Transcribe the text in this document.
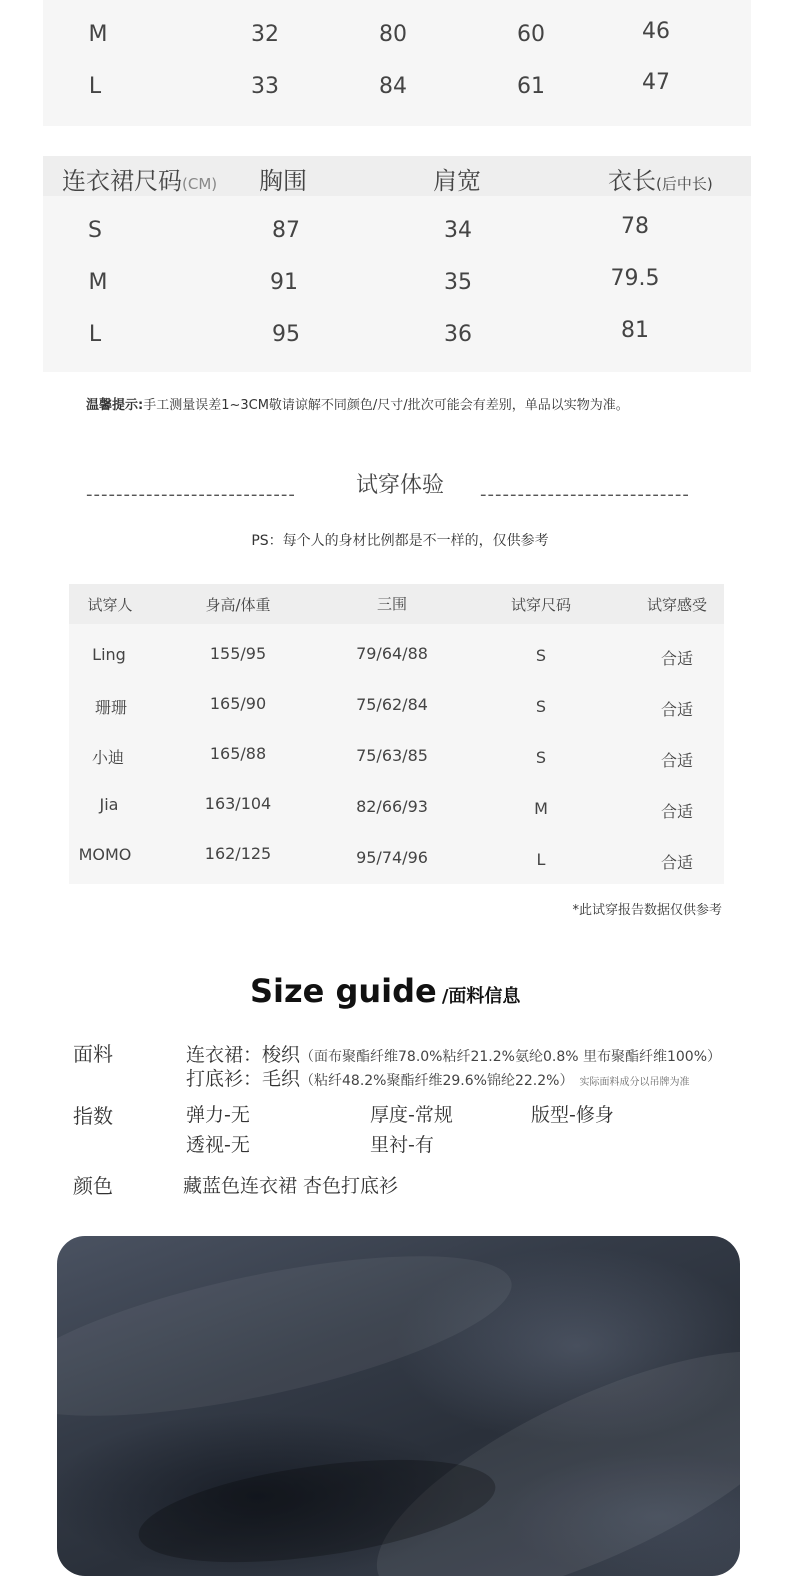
M	32	80	60	46
L	33	84	61	47
连衣裙尺码(CM) 胸围	肩宽	衣长(后中长)
S	87	34	78
M	91	35	79.5
L	95	36	81
温馨提示:手工测量误差1~3CM敬请谅解不同颜色/尺寸/批次可能会有差别，单品以实物为准。
----------------------------	试穿体验	----------------------------
PS：每个人的身材比例都是不一样的，仅供参考
试穿人	身高/体重	三围	试穿尺码	试穿感受
Ling	155/95	79/64/88	S	合适
珊珊	165/90	75/62/84	S	合适
小迪	165/88	75/63/85	S	合适
Jia	163/104	82/66/93	M	合适
MOMO	162/125	95/74/96	L	合适
*此试穿报告数据仅供参考
Size guide /面料信息
面料	连衣裙：梭织（面布聚酯纤维78.0%粘纤21.2%氨纶0.8% 里布聚酯纤维100%）
打底衫：毛织（粘纤48.2%聚酯纤维29.6%锦纶22.2%） 实际面料成分以吊牌为准
指数	弹力-无	厚度-常规	版型-修身
透视-无	里衬-有
颜色	藏蓝色连衣裙 杏色打底衫
